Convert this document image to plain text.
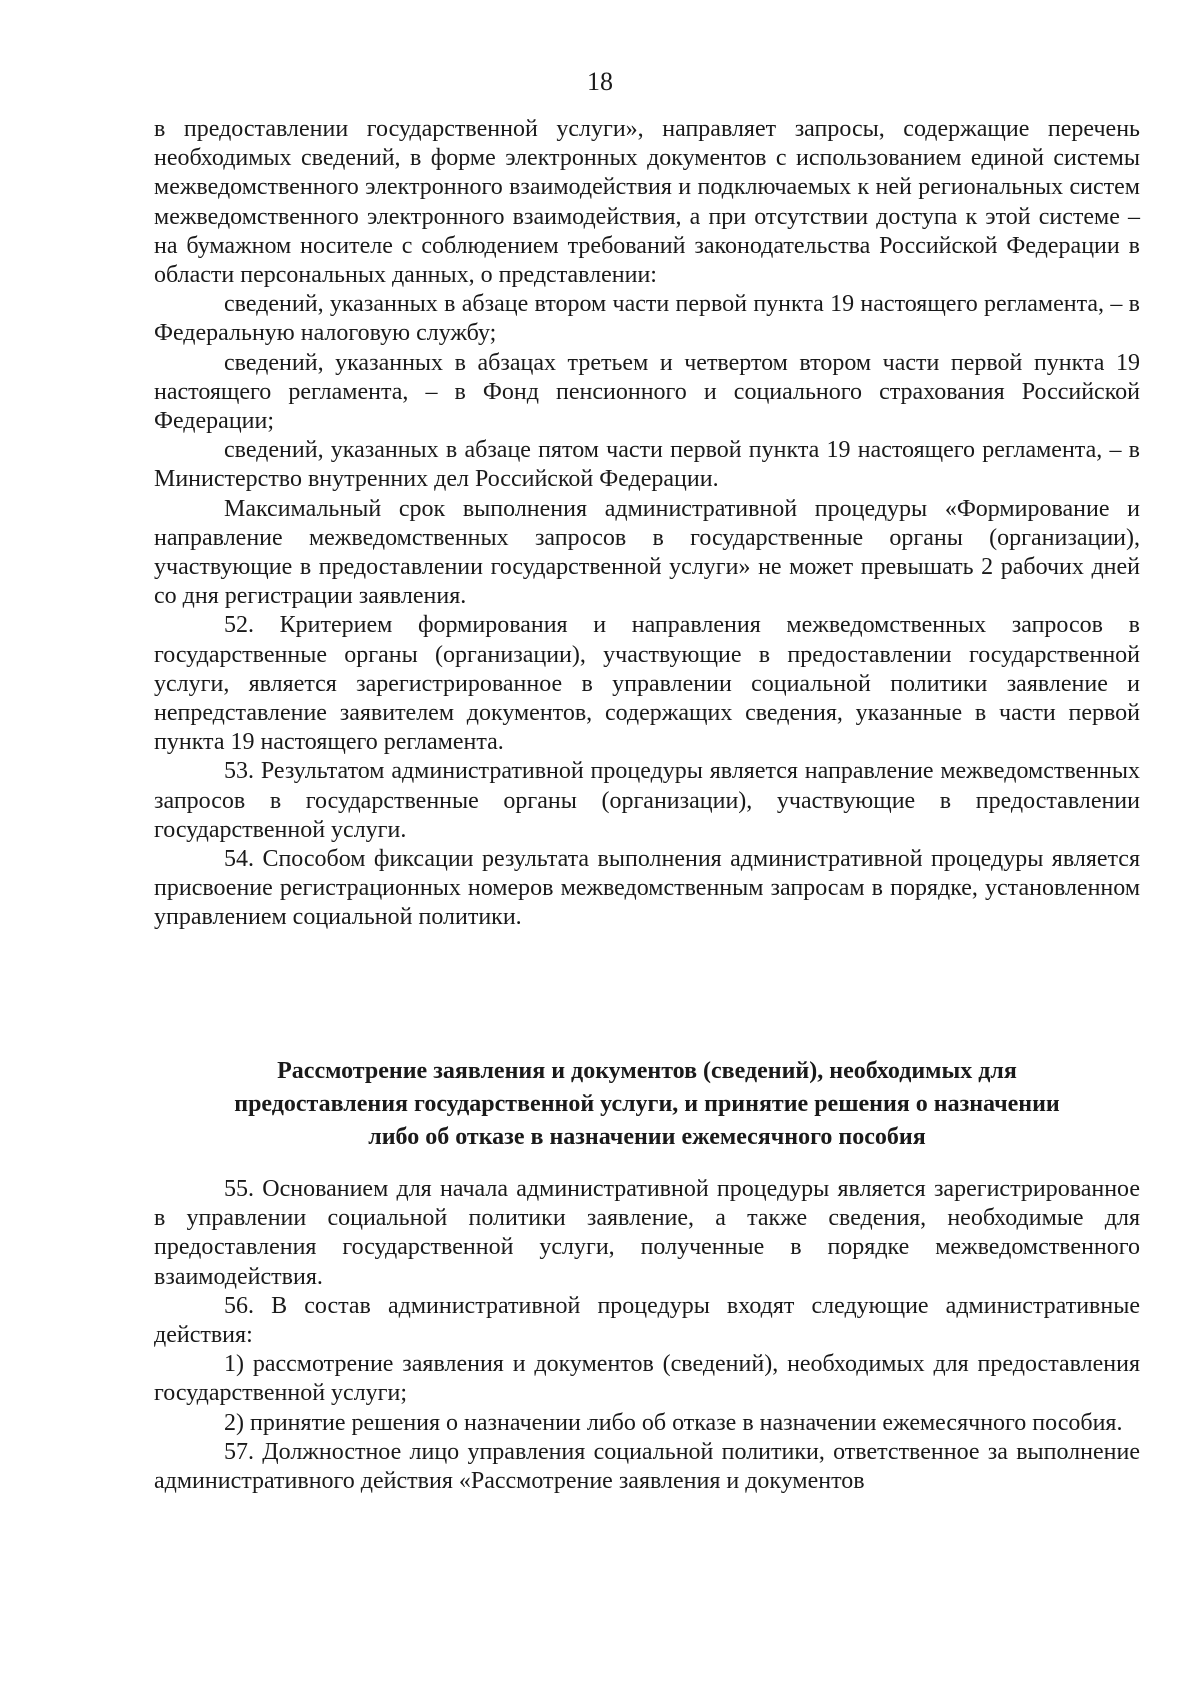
18

в предоставлении государственной услуги», направляет запросы, содержащие перечень необходимых сведений, в форме электронных документов с использованием единой системы межведомственного электронного взаимодействия и подключаемых к ней региональных систем межведомственного электронного взаимодействия, а при отсутствии доступа к этой системе – на бумажном носителе с соблюдением требований законодательства Российской Федерации в области персональных данных, о представлении:

сведений, указанных в абзаце втором части первой пункта 19 настоящего регламента, – в Федеральную налоговую службу;

сведений, указанных в абзацах третьем и четвертом втором части первой пункта 19 настоящего регламента, – в Фонд пенсионного и социального страхования Российской Федерации;

сведений, указанных в абзаце пятом части первой пункта 19 настоящего регламента, – в Министерство внутренних дел Российской Федерации.

Максимальный срок выполнения административной процедуры «Формирование и направление межведомственных запросов в государственные органы (организации), участвующие в предоставлении государственной услуги» не может превышать 2 рабочих дней со дня регистрации заявления.

52. Критерием формирования и направления межведомственных запросов в государственные органы (организации), участвующие в предоставлении государственной услуги, является зарегистрированное в управлении социальной политики заявление и непредставление заявителем документов, содержащих сведения, указанные в части первой пункта 19 настоящего регламента.

53. Результатом административной процедуры является направление межведомственных запросов в государственные органы (организации), участвующие в предоставлении государственной услуги.

54. Способом фиксации результата выполнения административной процедуры является присвоение регистрационных номеров межведомственным запросам в порядке, установленном управлением социальной политики.

Рассмотрение заявления и документов (сведений), необходимых для
предоставления государственной услуги, и принятие решения о назначении
либо об отказе в назначении ежемесячного пособия

55. Основанием для начала административной процедуры является зарегистрированное в управлении социальной политики заявление, а также сведения, необходимые для предоставления государственной услуги, полученные в порядке межведомственного взаимодействия.

56. В состав административной процедуры входят следующие административные действия:

1) рассмотрение заявления и документов (сведений), необходимых для предоставления государственной услуги;

2) принятие решения о назначении либо об отказе в назначении ежемесячного пособия.

57. Должностное лицо управления социальной политики, ответственное за выполнение административного действия «Рассмотрение заявления и документов
